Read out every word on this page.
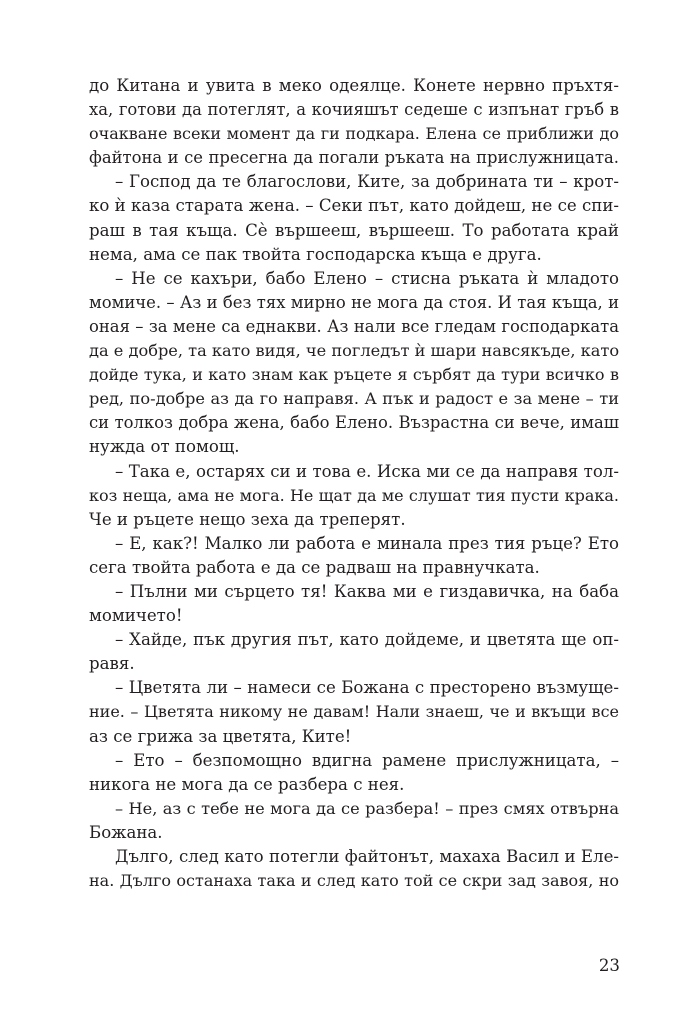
до Китана и увита в меко одеялце. Конете нервно пръхтя-
ха, готови да потеглят, а кочияшът седеше с изпънат гръб в
очакване всеки момент да ги подкара. Елена се приближи до
файтона и се пресегна да погали ръката на прислужницата.
– Господ да те благослови, Ките, за добрината ти – крот-
ко ѝ каза старата жена. – Секи път, като дойдеш, не се спи-
раш в тая къща. Сѐ вършееш, вършееш. То работата край
нема, ама се пак твойта господарска къща е друга.
– Не се кахъри, бабо Елено – стисна ръката ѝ младото
момиче. – Аз и без тях мирно не мога да стоя. И тая къща, и
оная – за мене са еднакви. Аз нали все гледам господарката
да е добре, та като видя, че погледът ѝ шари навсякъде, като
дойде тука, и като знам как ръцете я сърбят да тури всичко в
ред, по-добре аз да го направя. А пък и радост е за мене – ти
си толкоз добра жена, бабо Елено. Възрастна си вече, имаш
нужда от помощ.
– Така е, остарях си и това е. Иска ми се да направя тол-
коз неща, ама не мога. Не щат да ме слушат тия пусти крака.
Че и ръцете нещо зеха да треперят.
– Е, как?! Малко ли работа е минала през тия ръце? Ето
сега твойта работа е да се радваш на правнучката.
– Пълни ми сърцето тя! Каква ми е гиздавичка, на баба
момичето!
– Хайде, пък другия път, като дойдеме, и цветята ще оп-
равя.
– Цветята ли – намеси се Божана с престорено възмуще-
ние. – Цветята никому не давам! Нали знаеш, че и вкъщи все
аз се грижа за цветята, Ките!
– Ето – безпомощно вдигна рамене прислужницата, –
никога не мога да се разбера с нея.
– Не, аз с тебе не мога да се разбера! – през смях отвърна
Божана.
Дълго, след като потегли файтонът, махаха Васил и Еле-
на. Дълго останаха така и след като той се скри зад завоя, но
23
